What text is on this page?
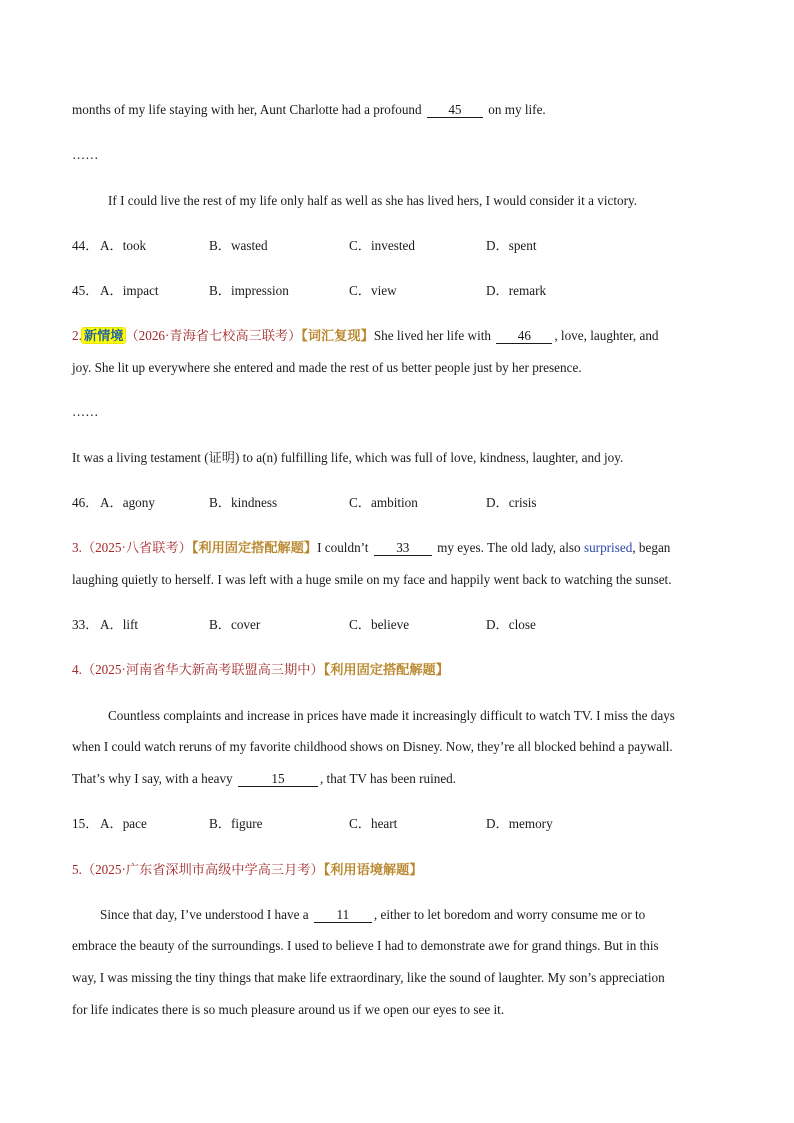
months of my life staying with her, Aunt Charlotte had a profound 45 on my life.
……
If I could live the rest of my life only half as well as she has lived hers, I would consider it a victory.
44． A．took	B．wasted	C．invested	D．spent
45． A．impact	B．impression	C．view	D．remark
2. 新情境 （2026·青海省七校高三联考）【词汇复现】She lived her life with 46 , love, laughter, and
joy. She lit up everywhere she entered and made the rest of us better people just by her presence.
……
It was a living testament (证明) to a(n) fulfilling life, which was full of love, kindness, laughter, and joy.
46． A．agony	B．kindness	C．ambition	D．crisis
3.（2025·八省联考）【利用固定搭配解题】I couldn’t 33 my eyes. The old lady, also surprised, began
laughing quietly to herself. I was left with a huge smile on my face and happily went back to watching the sunset.
33． A．lift	B．cover	C．believe	D．close
4.（2025·河南省华大新高考联盟高三期中）【利用固定搭配解题】
Countless complaints and increase in prices have made it increasingly difficult to watch TV. I miss the days
when I could watch reruns of my favorite childhood shows on Disney. Now, they’re all blocked behind a paywall.
That’s why I say, with a heavy	15	, that TV has been ruined.
15． A．pace	B．figure	C．heart	D．memory
5.（2025·广东省深圳市高级中学高三月考）【利用语境解题】
Since that day, I’ve understood I have a 11 , either to let boredom and worry consume me or to
embrace the beauty of the surroundings. I used to believe I had to demonstrate awe for grand things. But in this
way, I was missing the tiny things that make life extraordinary, like the sound of laughter. My son’s appreciation
for life indicates there is so much pleasure around us if we open our eyes to see it.
